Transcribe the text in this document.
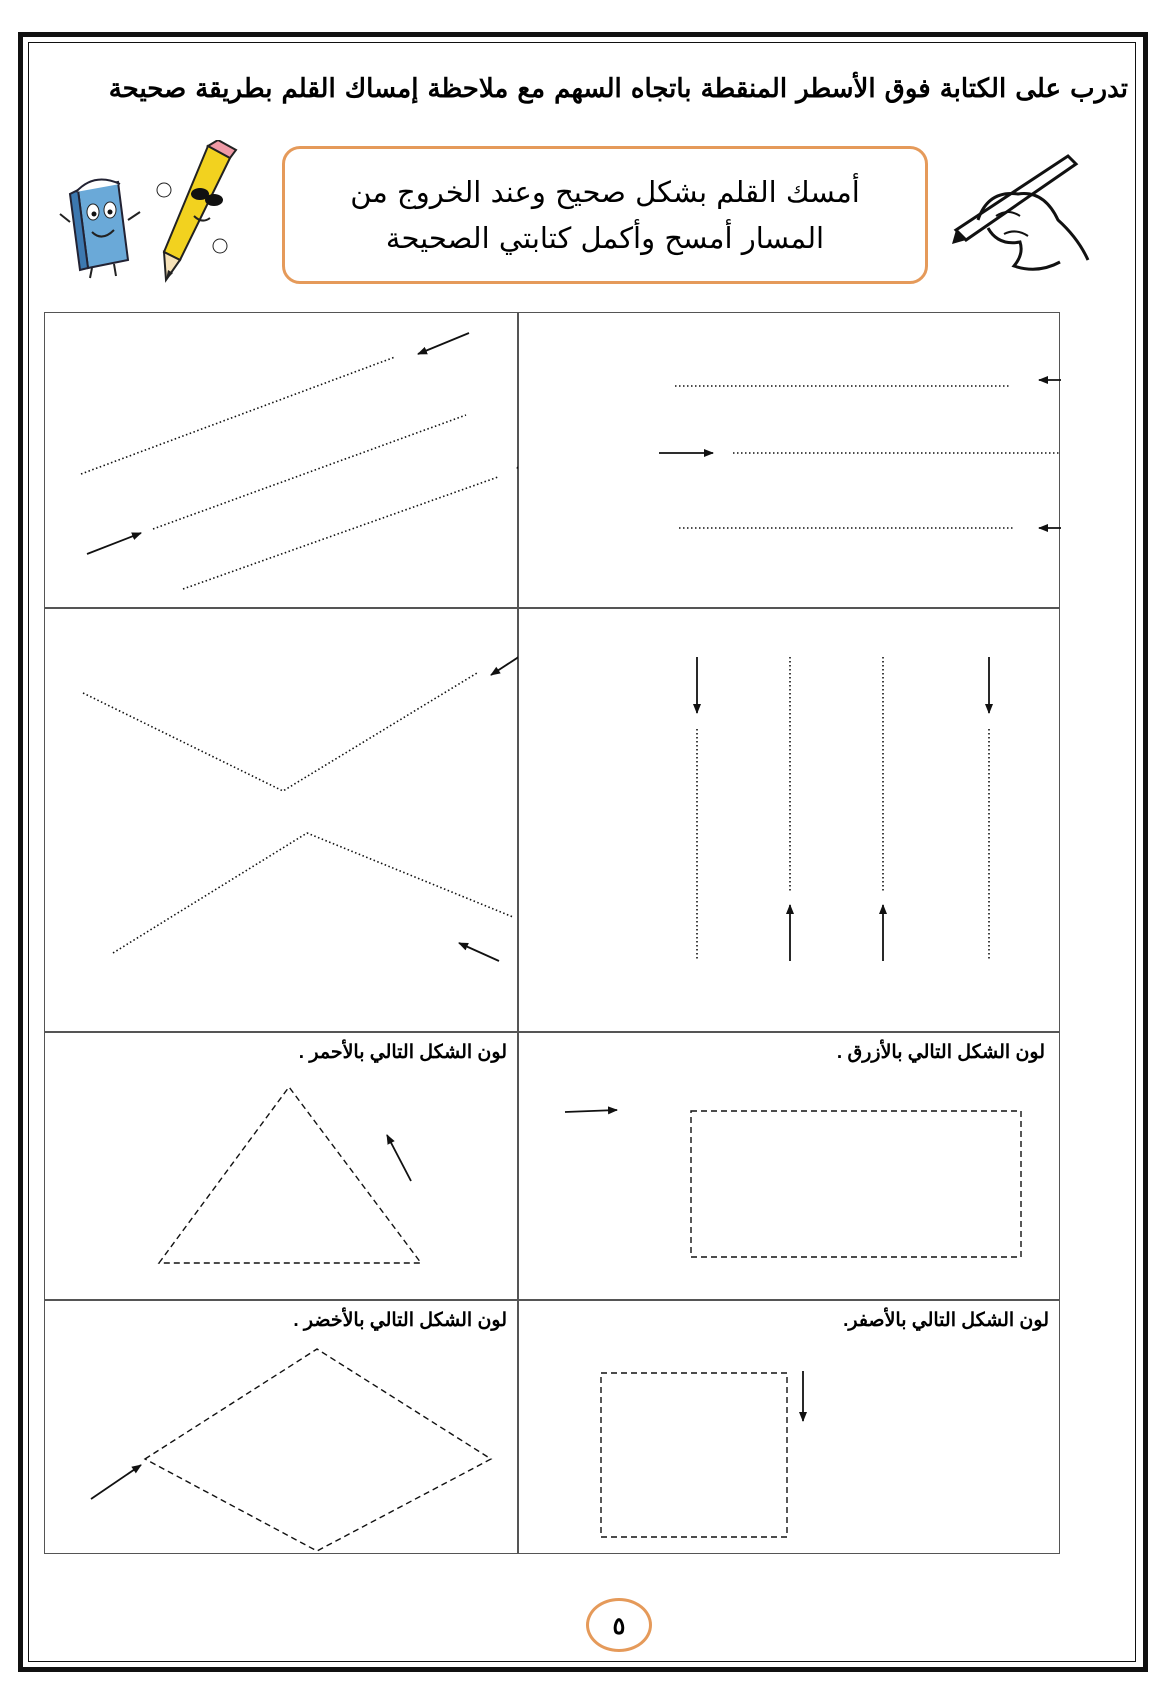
تدرب على الكتابة فوق الأسطر المنقطة باتجاه السهم مع ملاحظة إمساك القلم بطريقة صحيحة
أمسك القلم بشكل صحيح وعند الخروج من
المسار أمسح وأكمل كتابتي الصحيحة
لون الشكل التالي بالأحمر .	. لون الشكل التالي بالأزرق
لون الشكل التالي بالأخضر .	لون الشكل التالي بالأصفر.
٥
